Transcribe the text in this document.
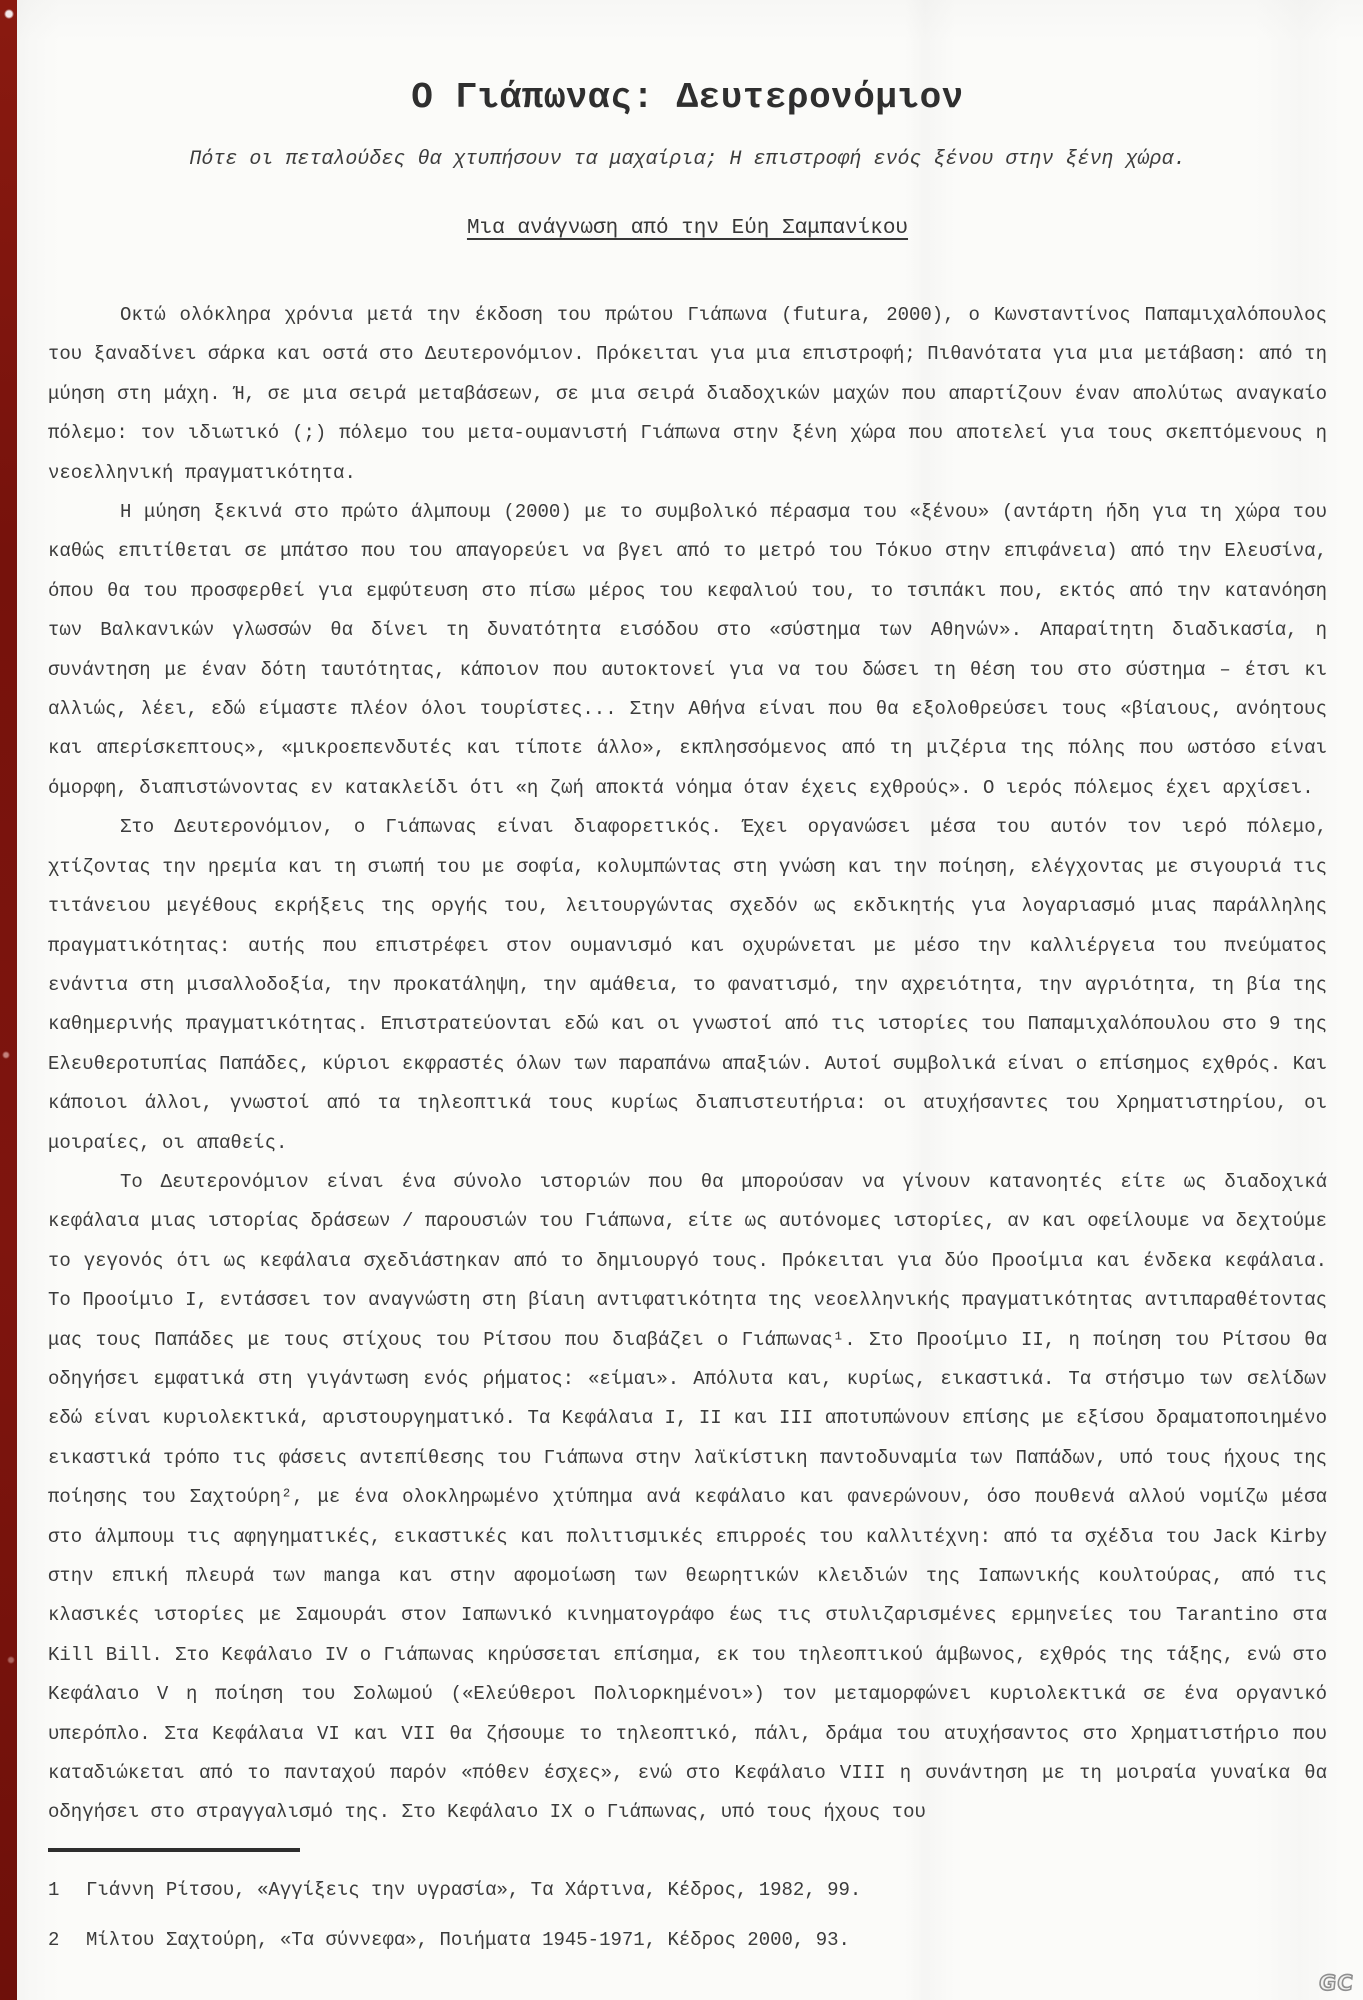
Ο Γιάπωνας: Δευτερονόμιον

Πότε οι πεταλούδες θα χτυπήσουν τα μαχαίρια; Η επιστροφή ενός ξένου στην ξένη χώρα.

Μια ανάγνωση από την Εύη Σαμπανίκου

Οκτώ ολόκληρα χρόνια μετά την έκδοση του πρώτου Γιάπωνα (futura, 2000), ο Κωνσταντίνος Παπαμιχαλόπουλος του ξαναδίνει σάρκα και οστά στο Δευτερονόμιον. Πρόκειται για μια επιστροφή; Πιθανότατα για μια μετάβαση: από τη μύηση στη μάχη. Ή, σε μια σειρά μεταβάσεων, σε μια σειρά διαδοχικών μαχών που απαρτίζουν έναν απολύτως αναγκαίο πόλεμο: τον ιδιωτικό (;) πόλεμο του μετα-ουμανιστή Γιάπωνα στην ξένη χώρα που αποτελεί για τους σκεπτόμενους η νεοελληνική πραγματικότητα.

Η μύηση ξεκινά στο πρώτο άλμπουμ (2000) με το συμβολικό πέρασμα του «ξένου» (αντάρτη ήδη για τη χώρα του καθώς επιτίθεται σε μπάτσο που του απαγορεύει να βγει από το μετρό του Τόκυο στην επιφάνεια) από την Ελευσίνα, όπου θα του προσφερθεί για εμφύτευση στο πίσω μέρος του κεφαλιού του, το τσιπάκι που, εκτός από την κατανόηση των Βαλκανικών γλωσσών θα δίνει τη δυνατότητα εισόδου στο «σύστημα των Αθηνών». Απαραίτητη διαδικασία, η συνάντηση με έναν δότη ταυτότητας, κάποιον που αυτοκτονεί για να του δώσει τη θέση του στο σύστημα – έτσι κι αλλιώς, λέει, εδώ είμαστε πλέον όλοι τουρίστες... Στην Αθήνα είναι που θα εξολοθρεύσει τους «βίαιους, ανόητους και απερίσκεπτους», «μικροεπενδυτές και τίποτε άλλο», εκπλησσόμενος από τη μιζέρια της πόλης που ωστόσο είναι όμορφη, διαπιστώνοντας εν κατακλείδι ότι «η ζωή αποκτά νόημα όταν έχεις εχθρούς». Ο ιερός πόλεμος έχει αρχίσει.

Στο Δευτερονόμιον, ο Γιάπωνας είναι διαφορετικός. Έχει οργανώσει μέσα του αυτόν τον ιερό πόλεμο, χτίζοντας την ηρεμία και τη σιωπή του με σοφία, κολυμπώντας στη γνώση και την ποίηση, ελέγχοντας με σιγουριά τις τιτάνειου μεγέθους εκρήξεις της οργής του, λειτουργώντας σχεδόν ως εκδικητής για λογαριασμό μιας παράλληλης πραγματικότητας: αυτής που επιστρέφει στον ουμανισμό και οχυρώνεται με μέσο την καλλιέργεια του πνεύματος ενάντια στη μισαλλοδοξία, την προκατάληψη, την αμάθεια, το φανατισμό, την αχρειότητα, την αγριότητα, τη βία της καθημερινής πραγματικότητας. Επιστρατεύονται εδώ και οι γνωστοί από τις ιστορίες του Παπαμιχαλόπουλου στο 9 της Ελευθεροτυπίας Παπάδες, κύριοι εκφραστές όλων των παραπάνω απαξιών. Αυτοί συμβολικά είναι ο επίσημος εχθρός. Και κάποιοι άλλοι, γνωστοί από τα τηλεοπτικά τους κυρίως διαπιστευτήρια: οι ατυχήσαντες του Χρηματιστηρίου, οι μοιραίες, οι απαθείς.

Το Δευτερονόμιον είναι ένα σύνολο ιστοριών που θα μπορούσαν να γίνουν κατανοητές είτε ως διαδοχικά κεφάλαια μιας ιστορίας δράσεων / παρουσιών του Γιάπωνα, είτε ως αυτόνομες ιστορίες, αν και οφείλουμε να δεχτούμε το γεγονός ότι ως κεφάλαια σχεδιάστηκαν από το δημιουργό τους. Πρόκειται για δύο Προοίμια και ένδεκα κεφάλαια. Το Προοίμιο Ι, εντάσσει τον αναγνώστη στη βίαιη αντιφατικότητα της νεοελληνικής πραγματικότητας αντιπαραθέτοντας μας τους Παπάδες με τους στίχους του Ρίτσου που διαβάζει ο Γιάπωνας¹. Στο Προοίμιο ΙΙ, η ποίηση του Ρίτσου θα οδηγήσει εμφατικά στη γιγάντωση ενός ρήματος: «είμαι». Απόλυτα και, κυρίως, εικαστικά. Τα στήσιμο των σελίδων εδώ είναι κυριολεκτικά, αριστουργηματικό. Τα Κεφάλαια Ι, ΙΙ και ΙΙΙ αποτυπώνουν επίσης με εξίσου δραματοποιημένο εικαστικά τρόπο τις φάσεις αντεπίθεσης του Γιάπωνα στην λαϊκίστικη παντοδυναμία των Παπάδων, υπό τους ήχους της ποίησης του Σαχτούρη², με ένα ολοκληρωμένο χτύπημα ανά κεφάλαιο και φανερώνουν, όσο πουθενά αλλού νομίζω μέσα στο άλμπουμ τις αφηγηματικές, εικαστικές και πολιτισμικές επιρροές του καλλιτέχνη: από τα σχέδια του Jack Kirby στην επική πλευρά των manga και στην αφομοίωση των θεωρητικών κλειδιών της Ιαπωνικής κουλτούρας, από τις κλασικές ιστορίες με Σαμουράι στον Ιαπωνικό κινηματογράφο έως τις στυλιζαρισμένες ερμηνείες του Tarantino στα Kill Bill. Στο Κεφάλαιο IV ο Γιάπωνας κηρύσσεται επίσημα, εκ του τηλεοπτικού άμβωνος, εχθρός της τάξης, ενώ στο Κεφάλαιο V η ποίηση του Σολωμού («Ελεύθεροι Πολιορκημένοι») τον μεταμορφώνει κυριολεκτικά σε ένα οργανικό υπερόπλο. Στα Κεφάλαια VI και VII θα ζήσουμε το τηλεοπτικό, πάλι, δράμα του ατυχήσαντος στο Χρηματιστήριο που καταδιώκεται από το πανταχού παρόν «πόθεν έσχες», ενώ στο Κεφάλαιο VIII η συνάντηση με τη μοιραία γυναίκα θα οδηγήσει στο στραγγαλισμό της. Στο Κεφάλαιο ΙΧ ο Γιάπωνας, υπό τους ήχους του

1 Γιάννη Ρίτσου, «Αγγίξεις την υγρασία», Τα Χάρτινα, Κέδρος, 1982, 99.
2 Μίλτου Σαχτούρη, «Τα σύννεφα», Ποιήματα 1945-1971, Κέδρος 2000, 93.
GC
